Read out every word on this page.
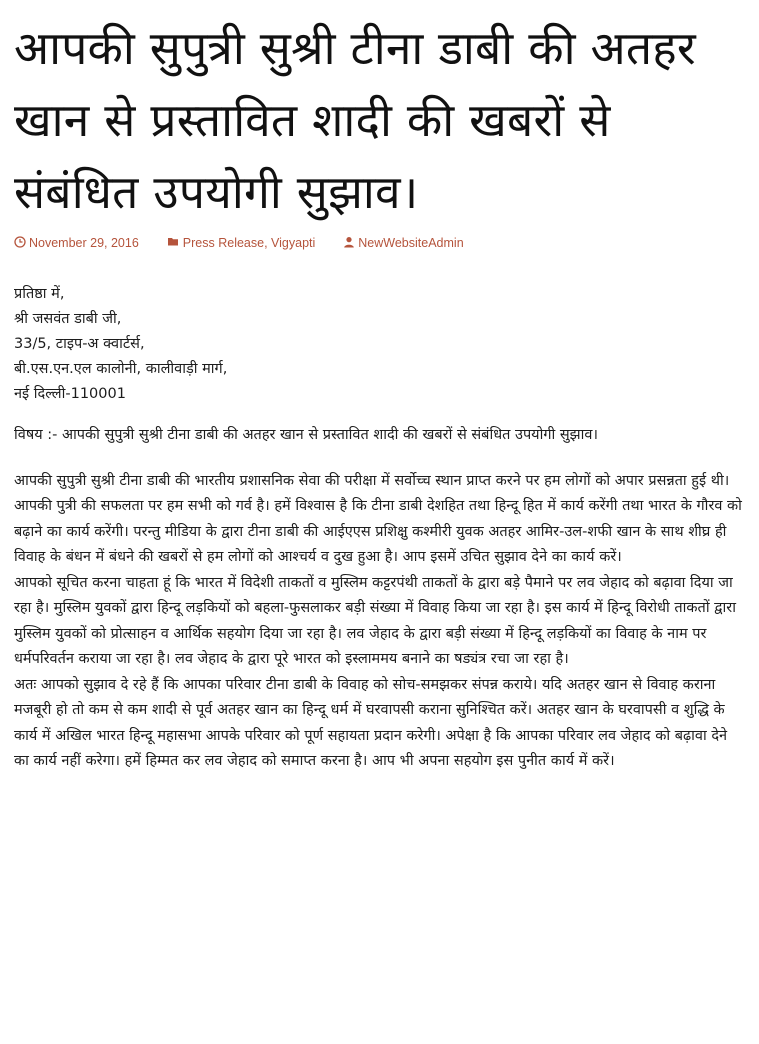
आपकी सुपुत्री सुश्री टीना डाबी की अतहर खान से प्रस्तावित शादी की खबरों से संबंधित उपयोगी सुझाव।
November 29, 2016	Press Release, Vigyapti	NewWebsiteAdmin
प्रतिष्ठा में,
श्री जसवंत डाबी जी,
33/5, टाइप-अ क्वार्टर्स,
बी.एस.एन.एल कालोनी, कालीवाड़ी मार्ग,
नई दिल्ली-110001

विषय :- आपकी सुपुत्री सुश्री टीना डाबी की अतहर खान से प्रस्तावित शादी की खबरों से संबंधित उपयोगी सुझाव।

आपकी सुपुत्री सुश्री टीना डाबी की भारतीय प्रशासनिक सेवा की परीक्षा में सर्वोच्च स्थान प्राप्त करने पर हम लोगों को अपार प्रसन्नता हुई थी। आपकी पुत्री की सफलता पर हम सभी को गर्व है। हमें विश्वास है कि टीना डाबी देशहित तथा हिन्दू हित में कार्य करेंगी तथा भारत के गौरव को बढ़ाने का कार्य करेंगी। परन्तु मीडिया के द्वारा टीना डाबी की आईएएस प्रशिक्षु कश्मीरी युवक अतहर आमिर-उल-शफी खान के साथ शीघ्र ही विवाह के बंधन में बंधने की खबरों से हम लोगों को आश्चर्य व दुख हुआ है। आप इसमें उचित सुझाव देने का कार्य करें।

आपको सूचित करना चाहता हूं कि भारत में विदेशी ताकतों व मुस्लिम कट्टरपंथी ताकतों के द्वारा बड़े पैमाने पर लव जेहाद को बढ़ावा दिया जा रहा है। मुस्लिम युवकों द्वारा हिन्दू लड़कियों को बहला-फुसलाकर बड़ी संख्या में विवाह किया जा रहा है। इस कार्य में हिन्दू विरोधी ताकतों द्वारा मुस्लिम युवकों को प्रोत्साहन व आर्थिक सहयोग दिया जा रहा है। लव जेहाद के द्वारा बड़ी संख्या में हिन्दू लड़कियों का विवाह के नाम पर धर्मपरिवर्तन कराया जा रहा है। लव जेहाद के द्वारा पूरे भारत को इस्लाममय बनाने का षड्यंत्र रचा जा रहा है।

अतः आपको सुझाव दे रहे हैं कि आपका परिवार टीना डाबी के विवाह को सोच-समझकर संपन्न कराये। यदि अतहर खान से विवाह कराना मजबूरी हो तो कम से कम शादी से पूर्व अतहर खान का हिन्दू धर्म में घरवापसी कराना सुनिश्चित करें। अतहर खान के घरवापसी व शुद्धि के कार्य में अखिल भारत हिन्दू महासभा आपके परिवार को पूर्ण सहायता प्रदान करेगी। अपेक्षा है कि आपका परिवार लव जेहाद को बढ़ावा देने का कार्य नहीं करेगा। हमें हिम्मत कर लव जेहाद को समाप्त करना है। आप भी अपना सहयोग इस पुनीत कार्य में करें।
